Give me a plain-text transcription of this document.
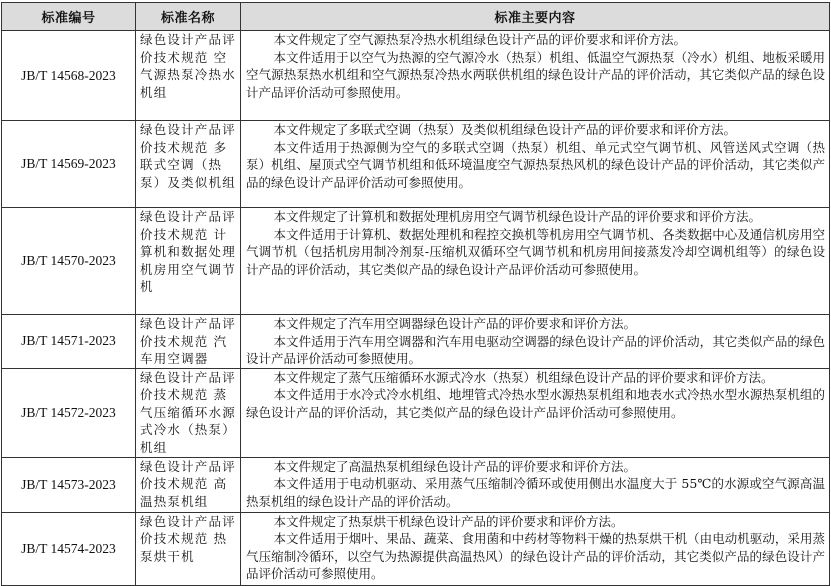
标准编号	标准名称	标准主要内容
JB/T 14568-2023	绿色设计产品评价技术规范 空气源热泵冷热水机组	本文件规定了空气源热泵冷热水机组绿色设计产品的评价要求和评价方法。

本文件适用于以空气为热源的空气源冷水（热泵）机组、低温空气源热泵（冷水）机组、地板采暖用空气源热泵热水机组和空气源热泵冷热水两联供机组的绿色设计产品的评价活动，其它类似产品的绿色设计产品评价活动可参照使用。

JB/T 14569-2023	绿色设计产品评价技术规范 多联式空调（热泵）及类似机组	本文件规定了多联式空调（热泵）及类似机组绿色设计产品的评价要求和评价方法。

本文件适用于热源侧为空气的多联式空调（热泵）机组、单元式空气调节机、风管送风式空调（热泵）机组、屋顶式空气调节机组和低环境温度空气源热泵热风机的绿色设计产品的评价活动，其它类似产品的绿色设计产品评价活动可参照使用。

JB/T 14570-2023	绿色设计产品评价技术规范 计算机和数据处理机房用空气调节机	本文件规定了计算机和数据处理机房用空气调节机绿色设计产品的评价要求和评价方法。

本文件适用于计算机、数据处理机和程控交换机等机房用空气调节机、各类数据中心及通信机房用空气调节机（包括机房用制冷剂泵-压缩机双循环空气调节机和机房用间接蒸发冷却空调机组等）的绿色设计产品的评价活动，其它类似产品的绿色设计产品评价活动可参照使用。

JB/T 14571-2023	绿色设计产品评价技术规范 汽车用空调器	本文件规定了汽车用空调器绿色设计产品的评价要求和评价方法。

本文件适用于汽车用空调器和汽车用电驱动空调器的绿色设计产品的评价活动，其它类似产品的绿色设计产品评价活动可参照使用。

JB/T 14572-2023	绿色设计产品评价技术规范 蒸气压缩循环水源式冷水（热泵）机组	本文件规定了蒸气压缩循环水源式冷水（热泵）机组绿色设计产品的评价要求和评价方法。

本文件适用于水冷式冷水机组、地埋管式冷热水型水源热泵机组和地表水式冷热水型水源热泵机组的绿色设计产品的评价活动，其它类似产品的绿色设计产品评价活动可参照使用。

JB/T 14573-2023	绿色设计产品评价技术规范 高温热泵机组	本文件规定了高温热泵机组绿色设计产品的评价要求和评价方法。

本文件适用于电动机驱动、采用蒸气压缩制冷循环或使用侧出水温度大于 55℃的水源或空气源高温热泵机组的绿色设计产品的评价活动。

JB/T 14574-2023	绿色设计产品评价技术规范 热泵烘干机	本文件规定了热泵烘干机绿色设计产品的评价要求和评价方法。

本文件适用于烟叶、果品、蔬菜、食用菌和中药材等物料干燥的热泵烘干机（由电动机驱动，采用蒸气压缩制冷循环，以空气为热源提供高温热风）的绿色设计产品的评价活动，其它类似产品的绿色设计产品评价活动可参照使用。
